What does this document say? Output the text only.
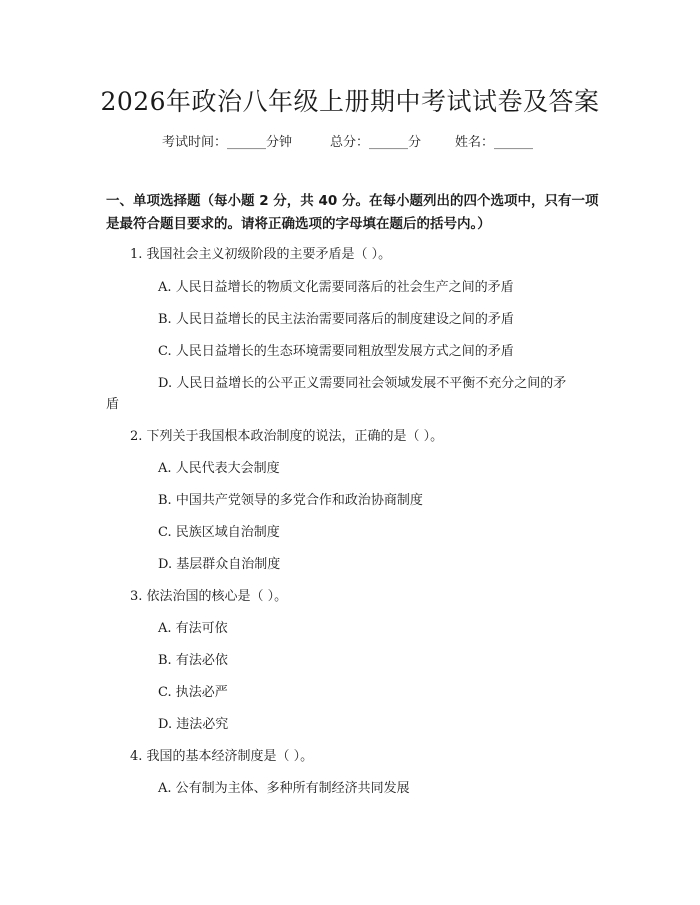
2026年政治八年级上册期中考试试卷及答案
考试时间：______分钟	总分：______分	姓名：______
一、单项选择题（每小题 2 分，共 40 分。在每小题列出的四个选项中，只有一项是最符合题目要求的。请将正确选项的字母填在题后的括号内。）
1. 我国社会主义初级阶段的主要矛盾是（ ）。
A. 人民日益增长的物质文化需要同落后的社会生产之间的矛盾
B. 人民日益增长的民主法治需要同落后的制度建设之间的矛盾
C. 人民日益增长的生态环境需要同粗放型发展方式之间的矛盾
D. 人民日益增长的公平正义需要同社会领域发展不平衡不充分之间的矛
盾
2. 下列关于我国根本政治制度的说法，正确的是（ ）。
A. 人民代表大会制度
B. 中国共产党领导的多党合作和政治协商制度
C. 民族区域自治制度
D. 基层群众自治制度
3. 依法治国的核心是（ ）。
A. 有法可依
B. 有法必依
C. 执法必严
D. 违法必究
4. 我国的基本经济制度是（ ）。
A. 公有制为主体、多种所有制经济共同发展
